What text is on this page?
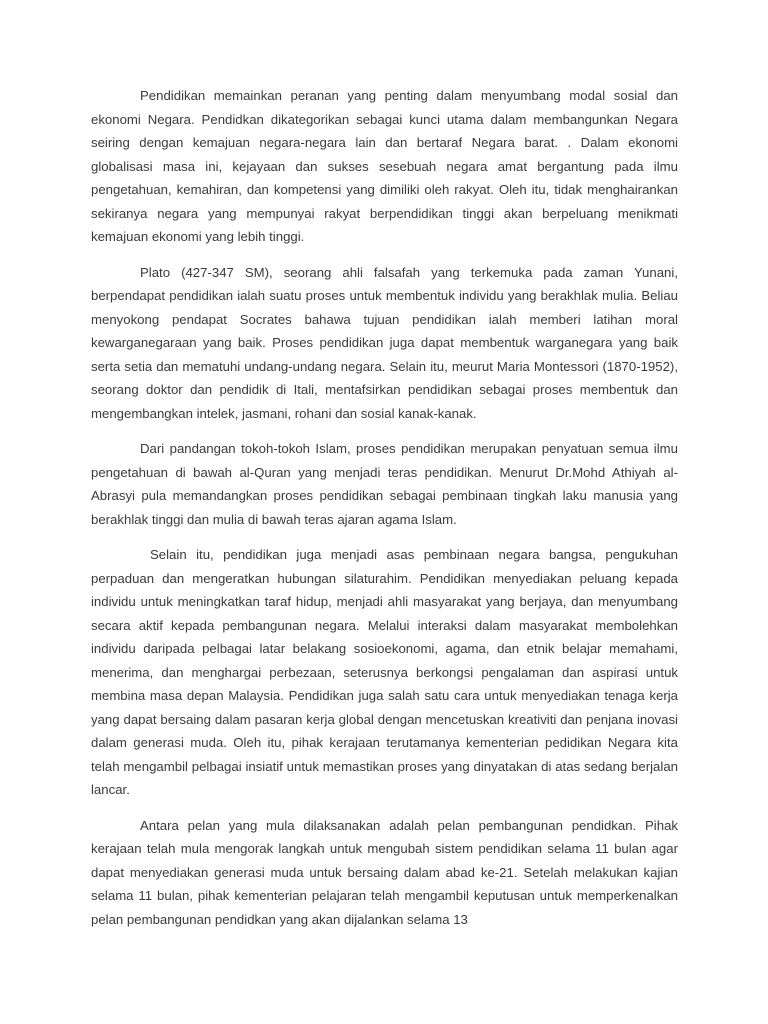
Pendidikan memainkan peranan yang penting dalam menyumbang modal sosial dan ekonomi Negara. Pendidkan dikategorikan sebagai kunci utama dalam membangunkan Negara seiring dengan kemajuan negara-negara lain dan bertaraf Negara barat. . Dalam ekonomi globalisasi masa ini, kejayaan dan sukses sesebuah negara amat bergantung pada ilmu pengetahuan, kemahiran, dan kompetensi yang dimiliki oleh rakyat. Oleh itu, tidak menghairankan sekiranya negara yang mempunyai rakyat berpendidikan tinggi akan berpeluang menikmati kemajuan ekonomi yang lebih tinggi.

Plato (427-347 SM), seorang ahli falsafah yang terkemuka pada zaman Yunani, berpendapat pendidikan ialah suatu proses untuk membentuk individu yang berakhlak mulia. Beliau menyokong pendapat Socrates bahawa tujuan pendidikan ialah memberi latihan moral kewarganegaraan yang baik. Proses pendidikan juga dapat membentuk warganegara yang baik serta setia dan mematuhi undang-undang negara. Selain itu, meurut Maria Montessori (1870-1952), seorang doktor dan pendidik di Itali, mentafsirkan pendidikan sebagai proses membentuk dan mengembangkan intelek, jasmani, rohani dan sosial kanak-kanak.

Dari pandangan tokoh-tokoh Islam, proses pendidikan merupakan penyatuan semua ilmu pengetahuan di bawah al-Quran yang menjadi teras pendidikan. Menurut Dr.Mohd Athiyah al-Abrasyi pula memandangkan proses pendidikan sebagai pembinaan tingkah laku manusia yang berakhlak tinggi dan mulia di bawah teras ajaran agama Islam.

Selain itu, pendidikan juga menjadi asas pembinaan negara bangsa, pengukuhan perpaduan dan mengeratkan hubungan silaturahim. Pendidikan menyediakan peluang kepada individu untuk meningkatkan taraf hidup, menjadi ahli masyarakat yang berjaya, dan menyumbang secara aktif kepada pembangunan negara. Melalui interaksi dalam masyarakat membolehkan individu daripada pelbagai latar belakang sosioekonomi, agama, dan etnik belajar memahami, menerima, dan menghargai perbezaan, seterusnya berkongsi pengalaman dan aspirasi untuk membina masa depan Malaysia. Pendidikan juga salah satu cara untuk menyediakan tenaga kerja yang dapat bersaing dalam pasaran kerja global dengan mencetuskan kreativiti dan penjana inovasi dalam generasi muda. Oleh itu, pihak kerajaan terutamanya kementerian pedidikan Negara kita telah mengambil pelbagai insiatif untuk memastikan proses yang dinyatakan di atas sedang berjalan lancar.

Antara pelan yang mula dilaksanakan adalah pelan pembangunan pendidkan. Pihak kerajaan telah mula mengorak langkah untuk mengubah sistem pendidikan selama 11 bulan agar dapat menyediakan generasi muda untuk bersaing dalam abad ke-21. Setelah melakukan kajian selama 11 bulan, pihak kementerian pelajaran telah mengambil keputusan untuk memperkenalkan pelan pembangunan pendidkan yang akan dijalankan selama 13
